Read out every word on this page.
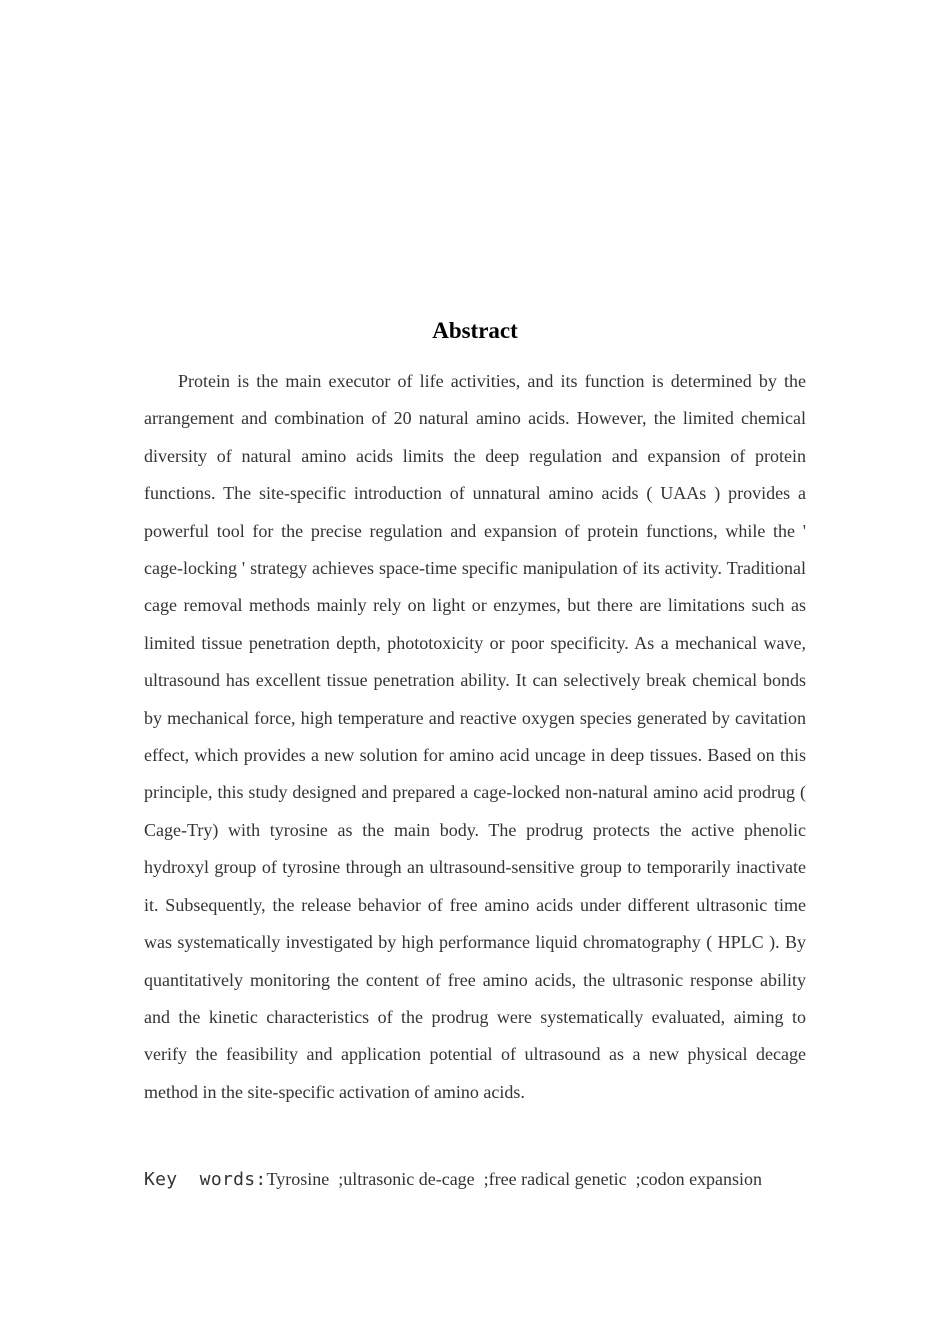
Abstract

Protein is the main executor of life activities, and its function is determined by the arrangement and combination of 20 natural amino acids. However, the limited chemical diversity of natural amino acids limits the deep regulation and expansion of protein functions. The site-specific introduction of unnatural amino acids ( UAAs ) provides a powerful tool for the precise regulation and expansion of protein functions, while the ' cage-locking ' strategy achieves space-time specific manipulation of its activity. Traditional cage removal methods mainly rely on light or enzymes, but there are limitations such as limited tissue penetration depth, phototoxicity or poor specificity. As a mechanical wave, ultrasound has excellent tissue penetration ability. It can selectively break chemical bonds by mechanical force, high temperature and reactive oxygen species generated by cavitation effect, which provides a new solution for amino acid uncage in deep tissues. Based on this principle, this study designed and prepared a cage-locked non-natural amino acid prodrug ( Cage-Try) with tyrosine as the main body. The prodrug protects the active phenolic hydroxyl group of tyrosine through an ultrasound-sensitive group to temporarily inactivate it. Subsequently, the release behavior of free amino acids under different ultrasonic time was systematically investigated by high performance liquid chromatography ( HPLC ). By quantitatively monitoring the content of free amino acids, the ultrasonic response ability and the kinetic characteristics of the prodrug were systematically evaluated, aiming to verify the feasibility and application potential of ultrasound as a new physical decage method in the site-specific activation of amino acids.

Key  words:Tyrosine  ;ultrasonic de-cage  ;free radical genetic  ;codon expansion
